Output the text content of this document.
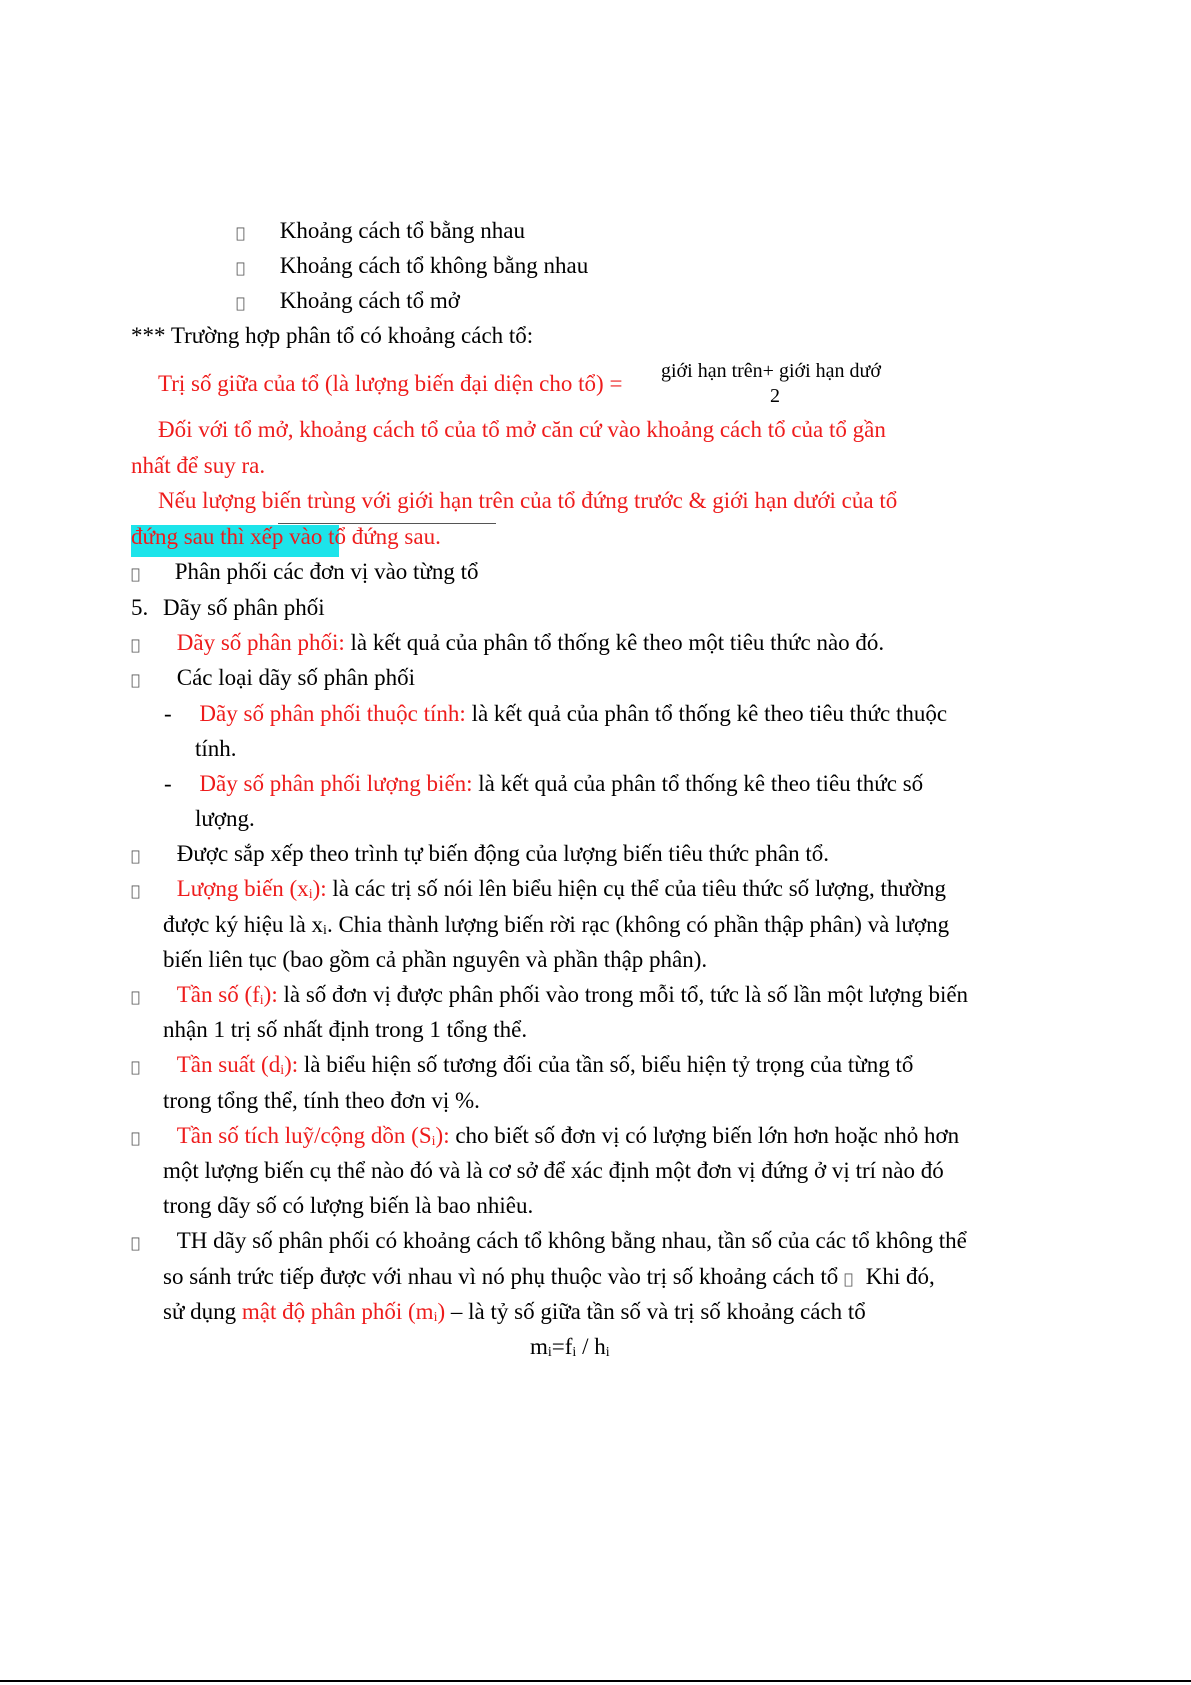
Khoảng cách tổ bằng nhau
Khoảng cách tổ không bằng nhau
Khoảng cách tổ mở
*** Trường hợp phân tổ có khoảng cách tổ:
Trị số giữa của tổ (là lượng biến đại diện cho tổ) = giới hạn trên+ giới hạn dướ
2
Đối với tổ mở, khoảng cách tổ của tổ mở căn cứ vào khoảng cách tổ của tổ gần
nhất để suy ra.
Nếu lượng biến trùng với giới hạn trên của tổ đứng trước & giới hạn dưới của tổ
đứng sau thì xếp vào tổ đứng sau.
Phân phối các đơn vị vào từng tổ
5. Dãy số phân phối
Dãy số phân phối: là kết quả của phân tổ thống kê theo một tiêu thức nào đó.
Các loại dãy số phân phối
- Dãy số phân phối thuộc tính: là kết quả của phân tổ thống kê theo tiêu thức thuộc
tính.
- Dãy số phân phối lượng biến: là kết quả của phân tổ thống kê theo tiêu thức số
lượng.
Được sắp xếp theo trình tự biến động của lượng biến tiêu thức phân tổ.
Lượng biến $(x_i)$: là các trị số nói lên biểu hiện cụ thể của tiêu thức số lượng, thường
được ký hiệu là $x_i$. Chia thành lượng biến rời rạc (không có phần thập phân) và lượng
biến liên tục (bao gồm cả phần nguyên và phần thập phân).
Tần số $(f_i)$: là số đơn vị được phân phối vào trong mỗi tổ, tức là số lần một lượng biến
nhận 1 trị số nhất định trong 1 tổng thể.
Tần suất $(d_i)$: là biểu hiện số tương đối của tần số, biểu hiện tỷ trọng của từng tổ
trong tổng thể, tính theo đơn vị %.
Tần số tích luỹ/cộng dồn $(S_i)$: cho biết số đơn vị có lượng biến lớn hơn hoặc nhỏ hơn
một lượng biến cụ thể nào đó và là cơ sở để xác định một đơn vị đứng ở vị trí nào đó
trong dãy số có lượng biến là bao nhiêu.
TH dãy số phân phối có khoảng cách tổ không bằng nhau, tần số của các tổ không thể
so sánh trức tiếp được với nhau vì nó phụ thuộc vào trị số khoảng cách tổ  Khi đó,
sử dụng mật độ phân phối $(m_i)$ – là tỷ số giữa tần số và trị số khoảng cách tổ
$m_i=f_i / h_i$
